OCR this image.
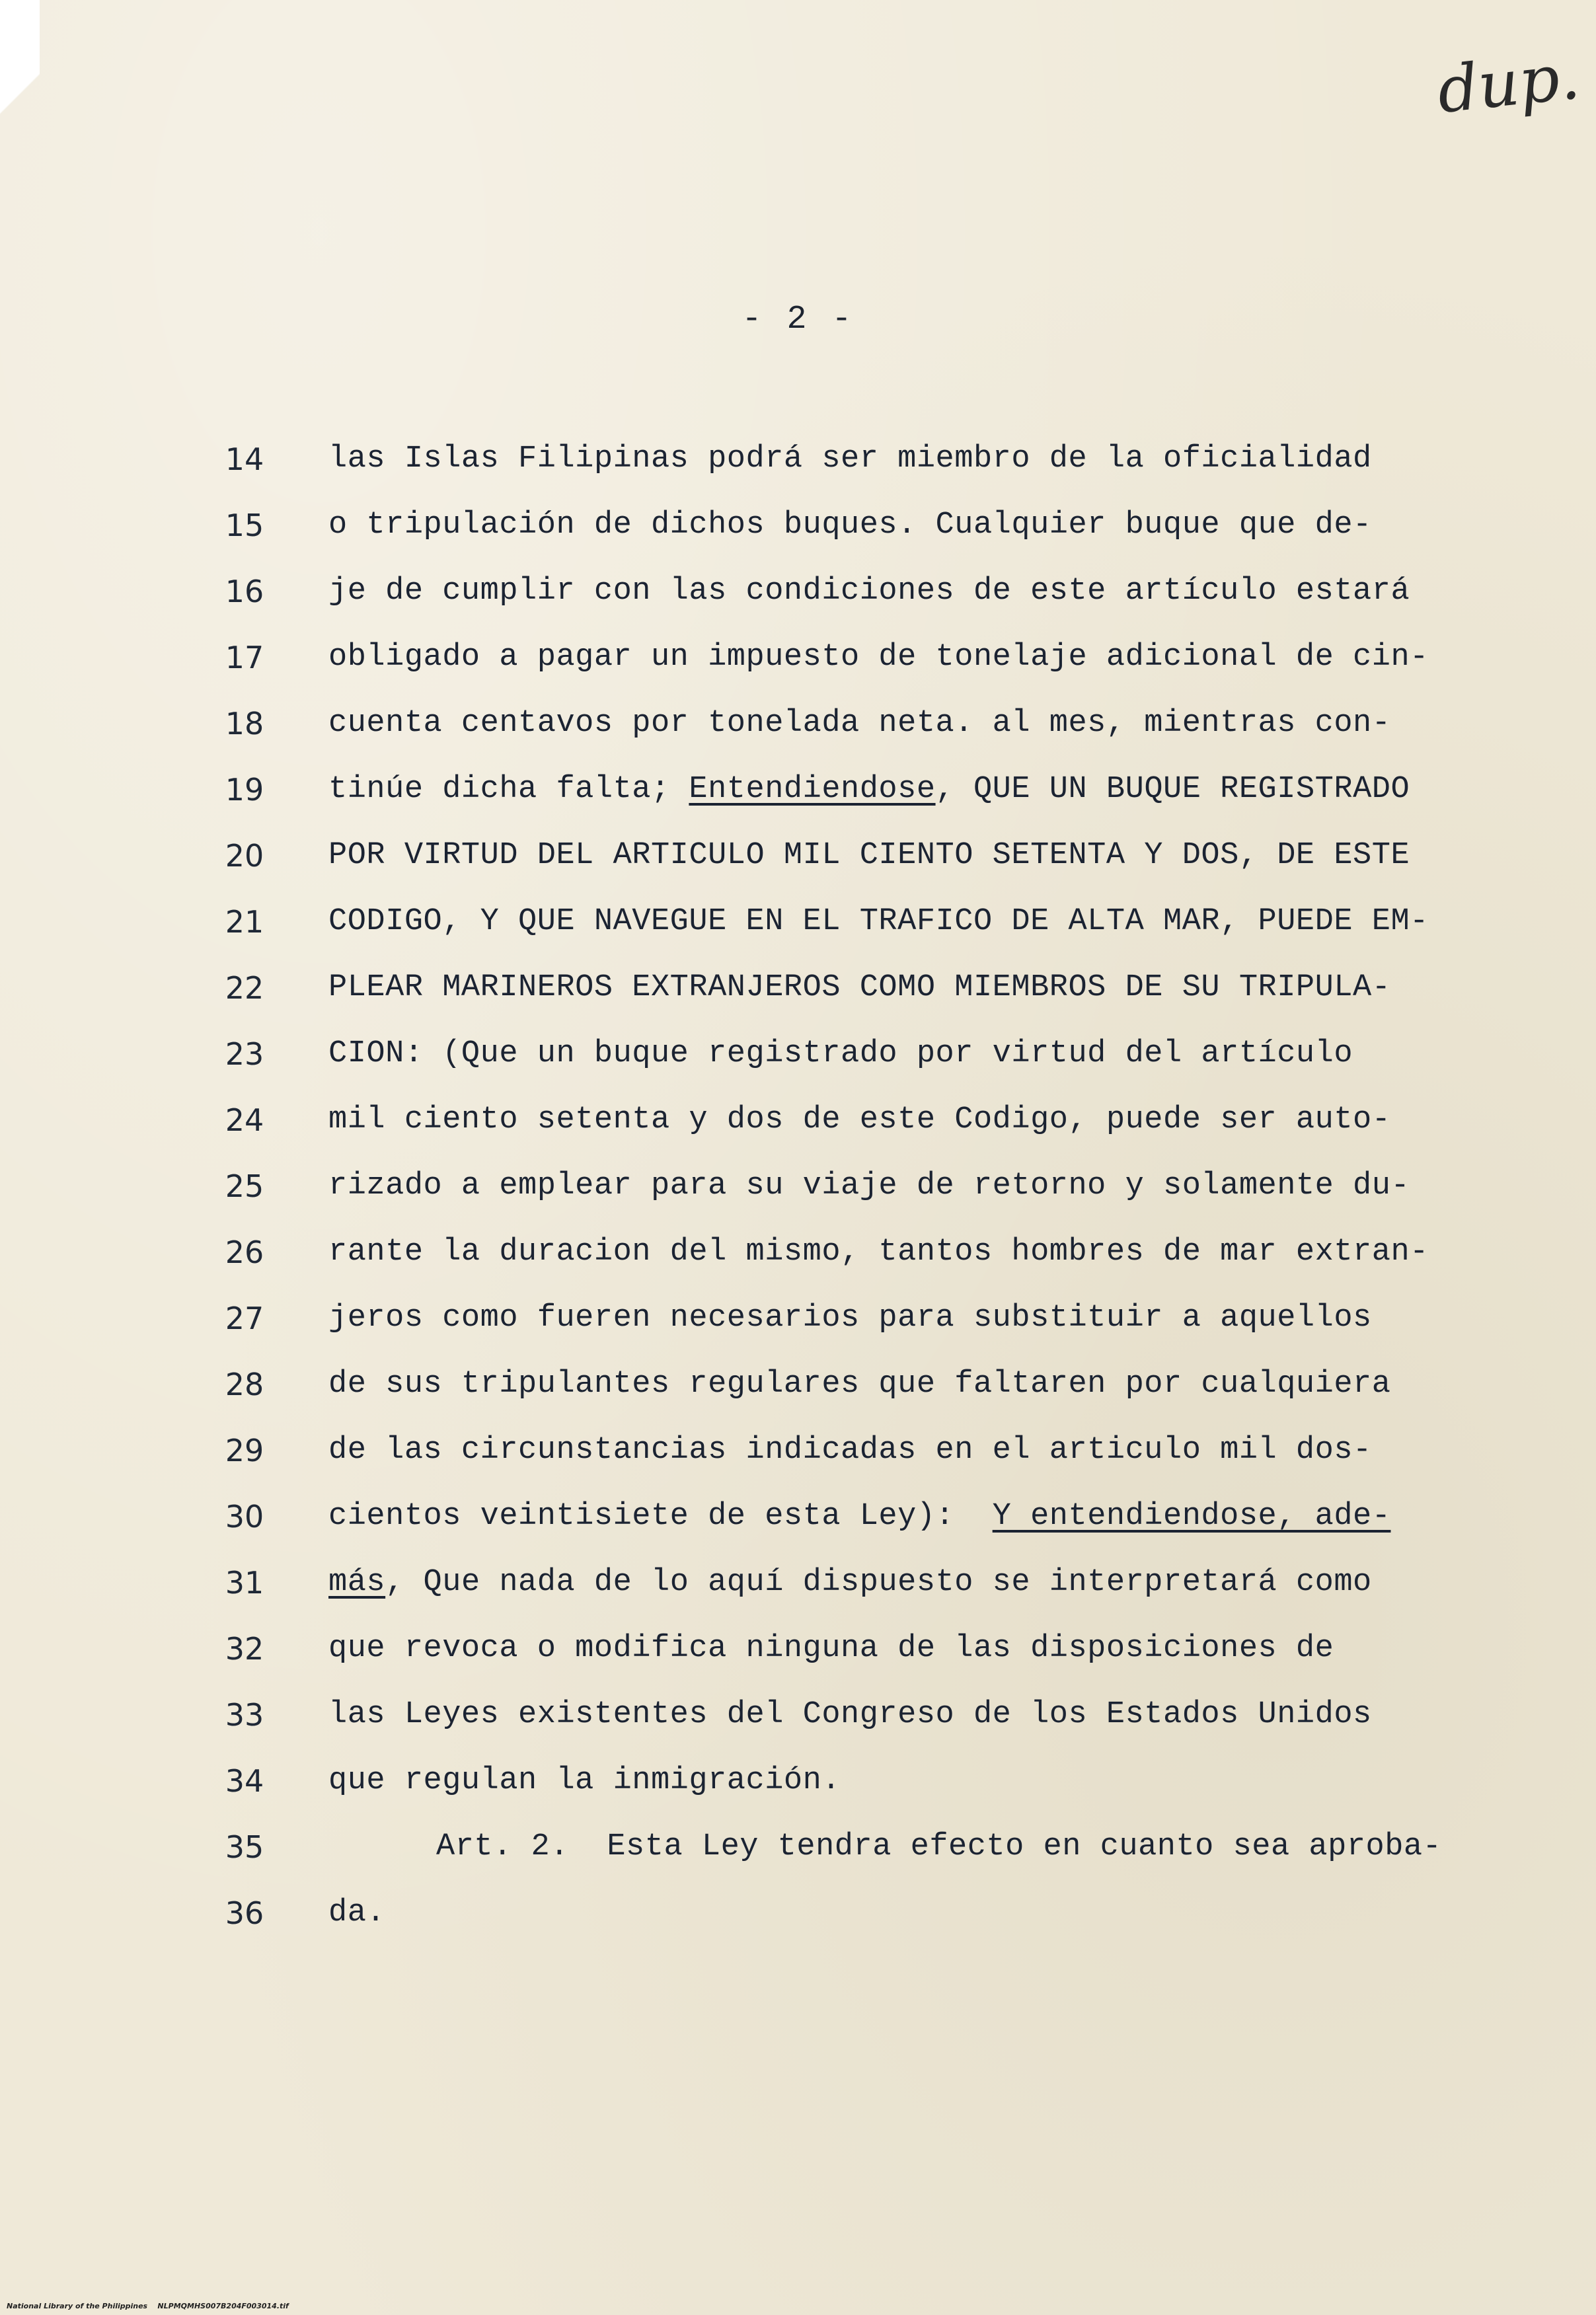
dup.
- 2 -
14	las Islas Filipinas podrá ser miembro de la oficialidad
15	o tripulación de dichos buques. Cualquier buque que de-
16	je de cumplir con las condiciones de este artículo estará
17	obligado a pagar un impuesto de tonelaje adicional de cin-
18	cuenta centavos por tonelada neta. al mes, mientras con-
19	tinúe dicha falta; Entendiendose, QUE UN BUQUE REGISTRADO
20	POR VIRTUD DEL ARTICULO MIL CIENTO SETENTA Y DOS, DE ESTE
21	CODIGO, Y QUE NAVEGUE EN EL TRAFICO DE ALTA MAR, PUEDE EM-
22	PLEAR MARINEROS EXTRANJEROS COMO MIEMBROS DE SU TRIPULA-
23	CION: (Que un buque registrado por virtud del artículo
24	mil ciento setenta y dos de este Codigo, puede ser auto-
25	rizado a emplear para su viaje de retorno y solamente du-
26	rante la duracion del mismo, tantos hombres de mar extran-
27	jeros como fueren necesarios para substituir a aquellos
28	de sus tripulantes regulares que faltaren por cualquiera
29	de las circunstancias indicadas en el articulo mil dos-
30	cientos veintisiete de esta Ley):  Y entendiendose, ade-
31	más, Que nada de lo aquí dispuesto se interpretará como
32	que revoca o modifica ninguna de las disposiciones de
33	las Leyes existentes del Congreso de los Estados Unidos
34	que regulan la inmigración.
35	Art. 2.  Esta Ley tendra efecto en cuanto sea aproba-
36	da.
National Library of the Philippines    NLPMQMHS007B204F003014.tif
